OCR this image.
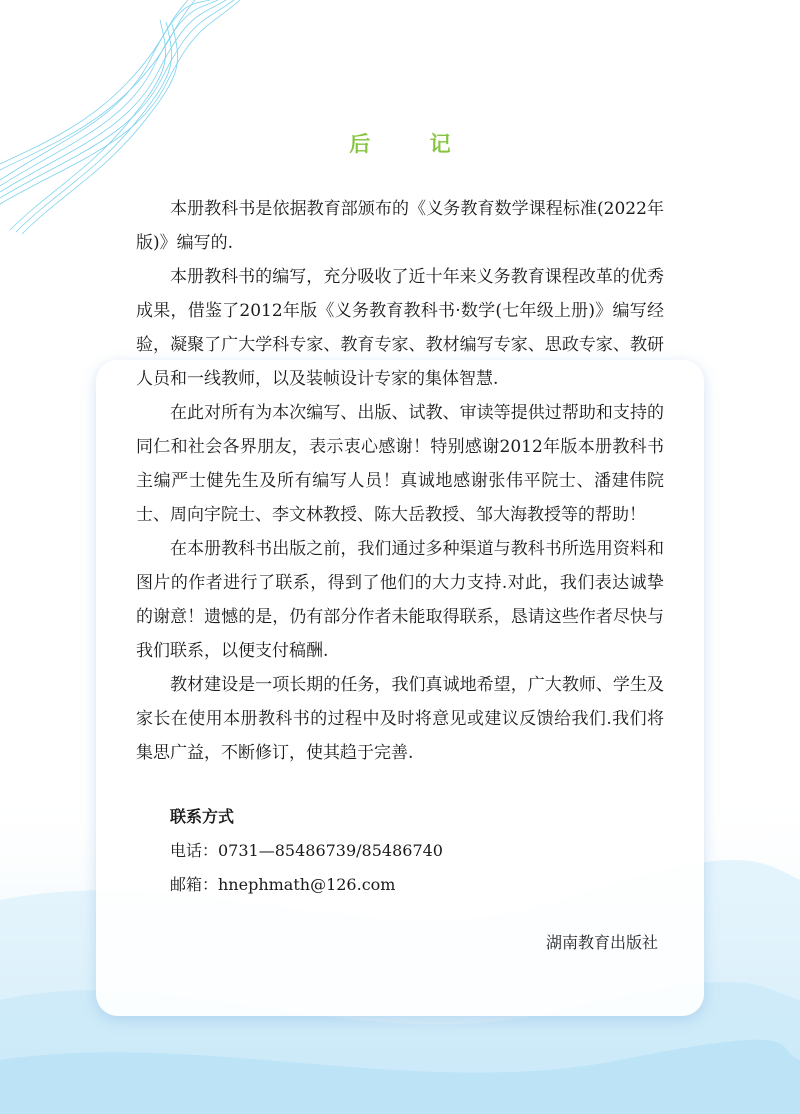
后 记

本册教科书是依据教育部颁布的《义务教育数学课程标准(2022年版)》编写的.

本册教科书的编写，充分吸收了近十年来义务教育课程改革的优秀成果，借鉴了2012年版《义务教育教科书·数学(七年级上册)》编写经验，凝聚了广大学科专家、教育专家、教材编写专家、思政专家、教研人员和一线教师，以及装帧设计专家的集体智慧.

在此对所有为本次编写、出版、试教、审读等提供过帮助和支持的同仁和社会各界朋友，表示衷心感谢！特别感谢2012年版本册教科书主编严士健先生及所有编写人员！真诚地感谢张伟平院士、潘建伟院士、周向宇院士、李文林教授、陈大岳教授、邹大海教授等的帮助！

在本册教科书出版之前，我们通过多种渠道与教科书所选用资料和图片的作者进行了联系，得到了他们的大力支持.对此，我们表达诚挚的谢意！遗憾的是，仍有部分作者未能取得联系，恳请这些作者尽快与我们联系，以便支付稿酬.

教材建设是一项长期的任务，我们真诚地希望，广大教师、学生及家长在使用本册教科书的过程中及时将意见或建议反馈给我们.我们将集思广益，不断修订，使其趋于完善.

联系方式
电话：0731—85486739/85486740
邮箱：hnephmath@126.com
湖南教育出版社
